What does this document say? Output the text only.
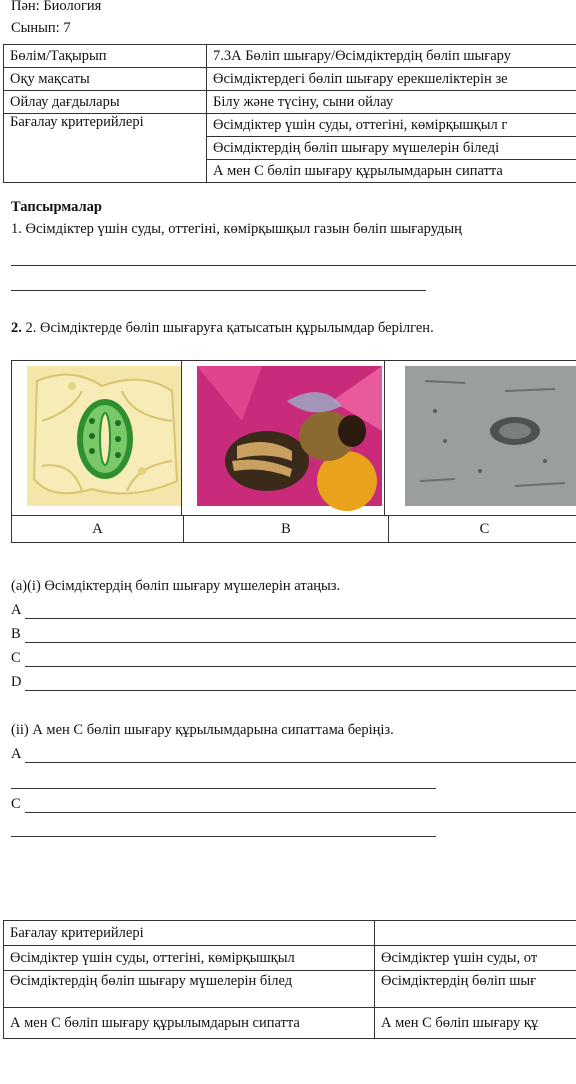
Пән: Биология
Сынып: 7
Бөлім/Тақырып	7.3А Бөліп шығару/Өсімдіктердің бөліп шығару
Оқу мақсаты	Өсімдіктердегі бөліп шығару ерекшеліктерін зе
Ойлау дағдылары	Білу және түсіну, сыни ойлау
Бағалау критерийлері	Өсімдіктер үшін суды, оттегіні, көмірқышқыл г
	Өсімдіктердің бөліп шығару мүшелерін біледі
	А мен С бөліп шығару құрылымдарын сипатта
Тапсырмалар
1. Өсімдіктер үшін суды, оттегіні, көмірқышқыл газын бөліп шығарудың
2. 2. Өсімдіктерде бөліп шығаруға қатысатын құрылымдар берілген.
A	B	C	
(a)(i) Өсімдіктердің бөліп шығару мүшелерін атаңыз.
A
B
C
D
(ii) А мен С бөліп шығару құрылымдарына сипаттама беріңіз.
A
C
Бағалау критерийлері	
Өсімдіктер үшін суды, оттегіні, көмірқышқыл	Өсімдіктер үшін суды, от
Өсімдіктердің бөліп шығару мүшелерін білед	Өсімдіктердің бөліп шығ
А мен С бөліп шығару құрылымдарын сипатта	А мен С бөліп шығару құ
